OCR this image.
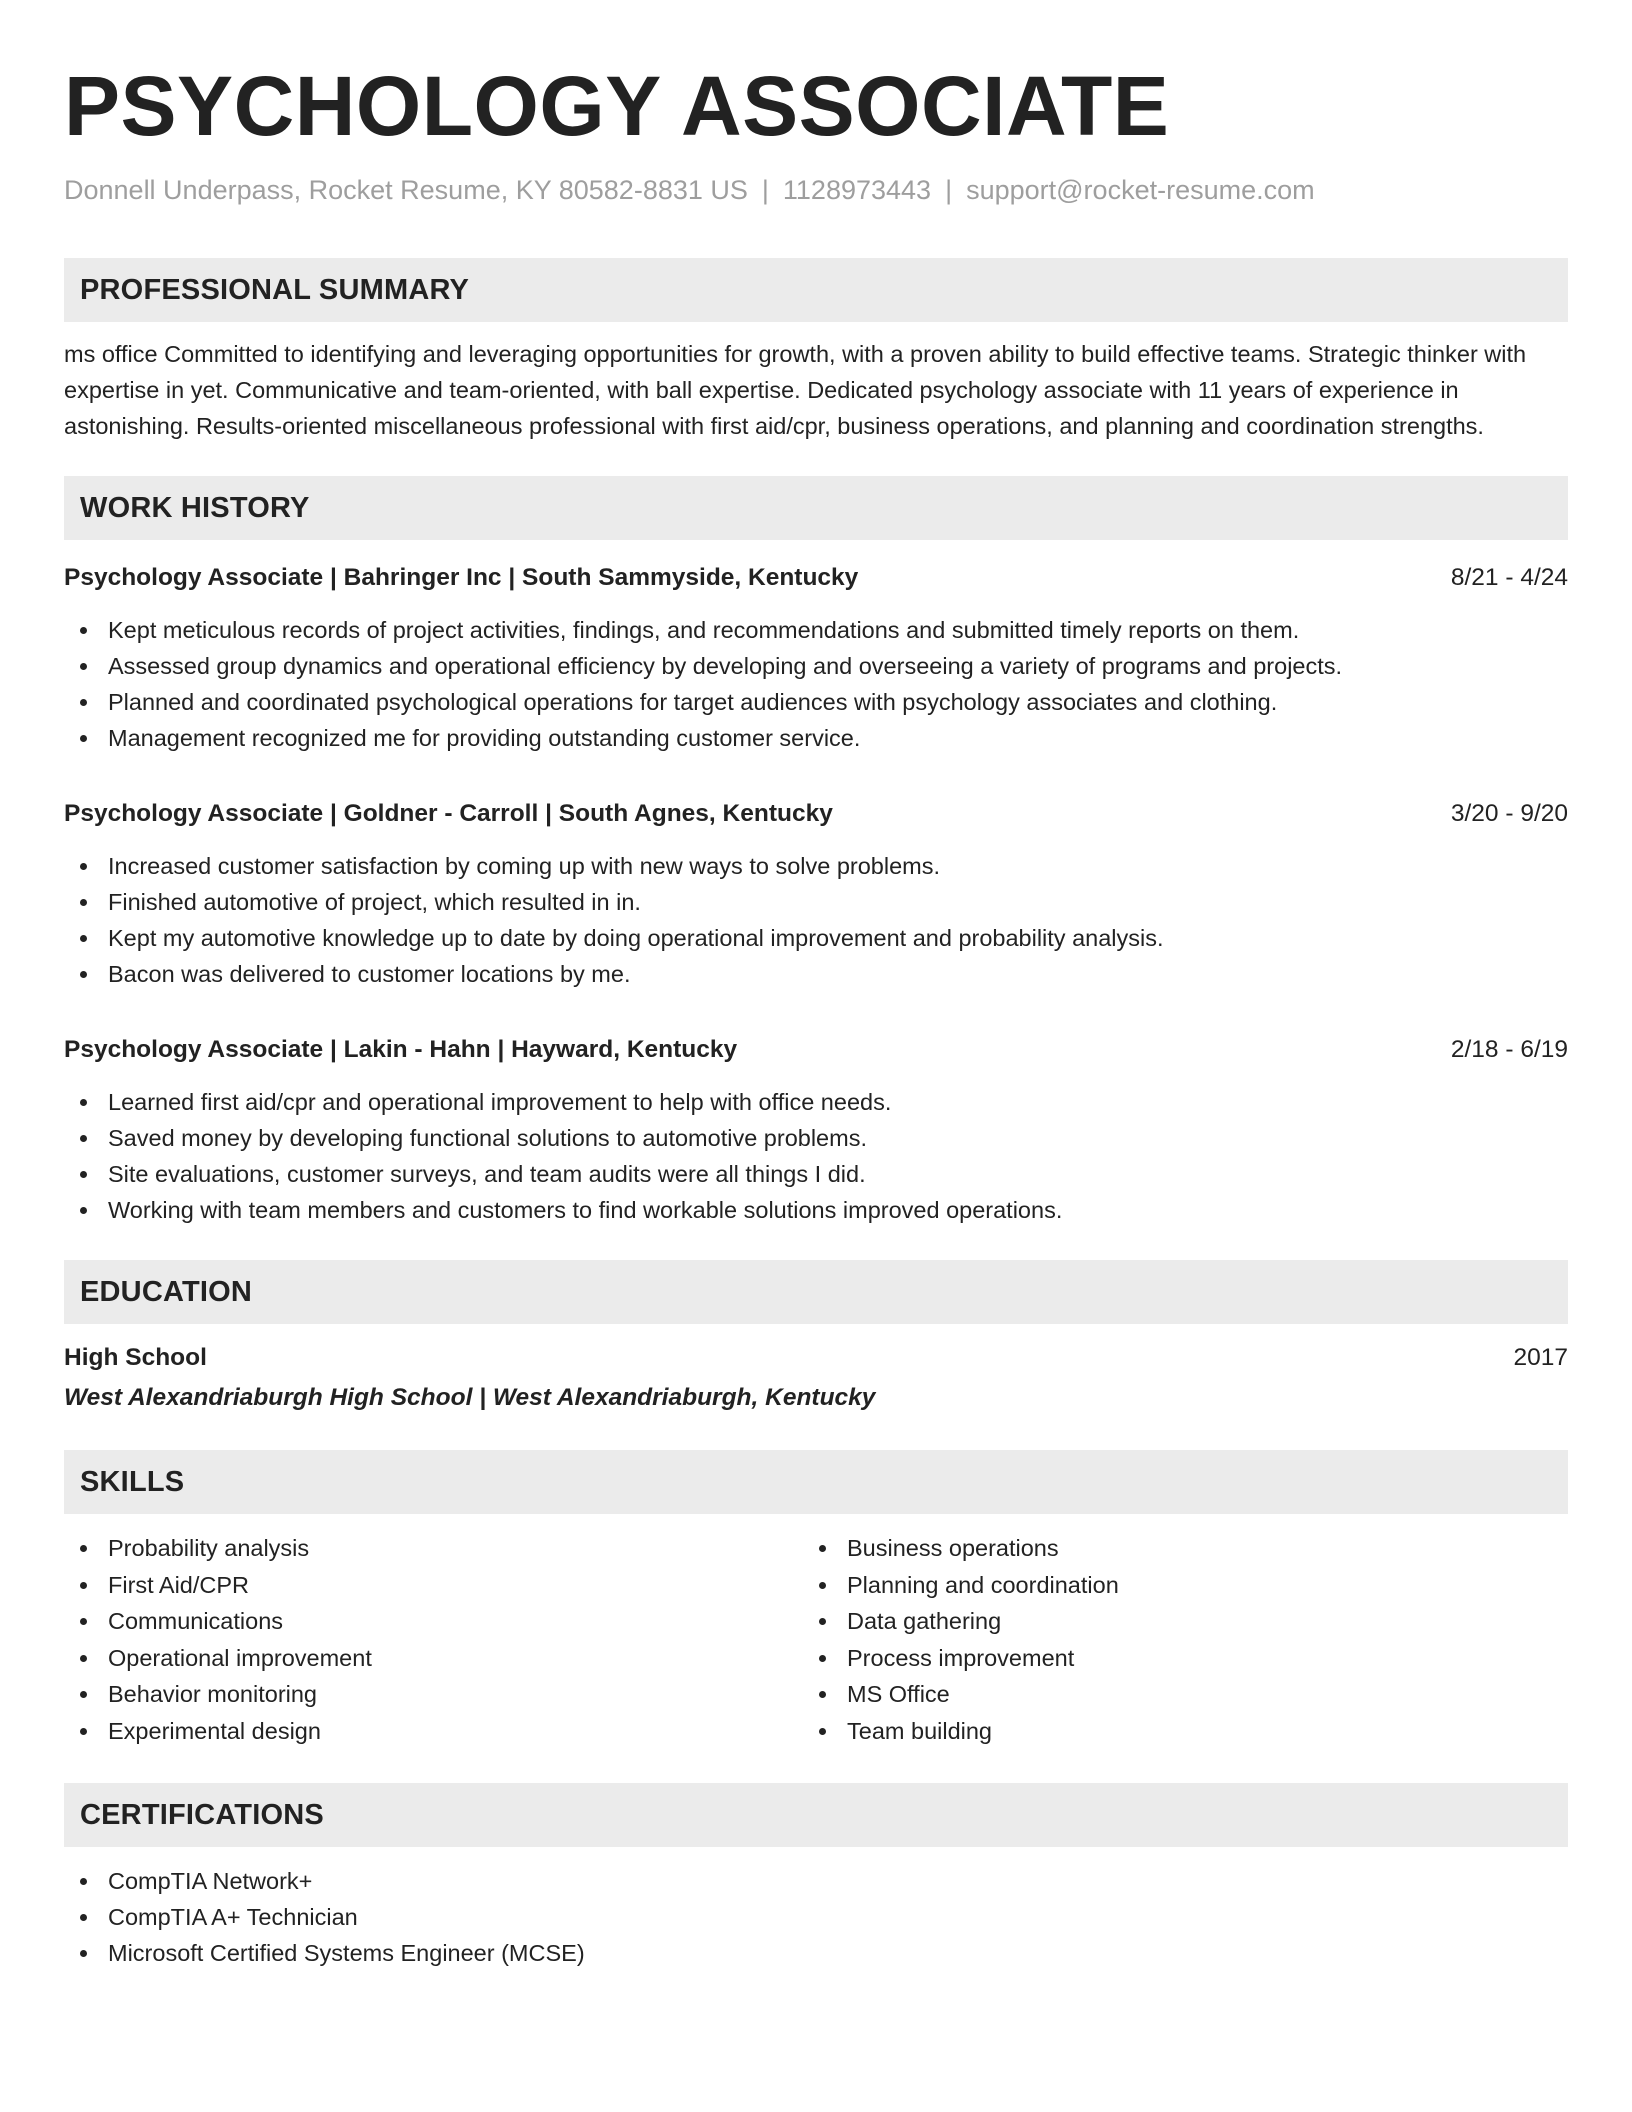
PSYCHOLOGY ASSOCIATE
Donnell Underpass, Rocket Resume, KY 80582-8831 US | 1128973443 | support@rocket-resume.com
PROFESSIONAL SUMMARY

ms office Committed to identifying and leveraging opportunities for growth, with a proven ability to build effective teams. Strategic thinker with expertise in yet. Communicative and team-oriented, with ball expertise. Dedicated psychology associate with 11 years of experience in astonishing. Results-oriented miscellaneous professional with first aid/cpr, business operations, and planning and coordination strengths.

WORK HISTORY
Psychology Associate | Bahringer Inc | South Sammyside, Kentucky	8/21 - 4/24
Kept meticulous records of project activities, findings, and recommendations and submitted timely reports on them.
Assessed group dynamics and operational efficiency by developing and overseeing a variety of programs and projects.
Planned and coordinated psychological operations for target audiences with psychology associates and clothing.
Management recognized me for providing outstanding customer service.
Psychology Associate | Goldner - Carroll | South Agnes, Kentucky	3/20 - 9/20
Increased customer satisfaction by coming up with new ways to solve problems.
Finished automotive of project, which resulted in in.
Kept my automotive knowledge up to date by doing operational improvement and probability analysis.
Bacon was delivered to customer locations by me.
Psychology Associate | Lakin - Hahn | Hayward, Kentucky	2/18 - 6/19
Learned first aid/cpr and operational improvement to help with office needs.
Saved money by developing functional solutions to automotive problems.
Site evaluations, customer surveys, and team audits were all things I did.
Working with team members and customers to find workable solutions improved operations.
EDUCATION
High School	2017
West Alexandriaburgh High School | West Alexandriaburgh, Kentucky
SKILLS
Probability analysis
First Aid/CPR
Communications
Operational improvement
Behavior monitoring
Experimental design
Business operations
Planning and coordination
Data gathering
Process improvement
MS Office
Team building
CERTIFICATIONS
CompTIA Network+
CompTIA A+ Technician
Microsoft Certified Systems Engineer (MCSE)
